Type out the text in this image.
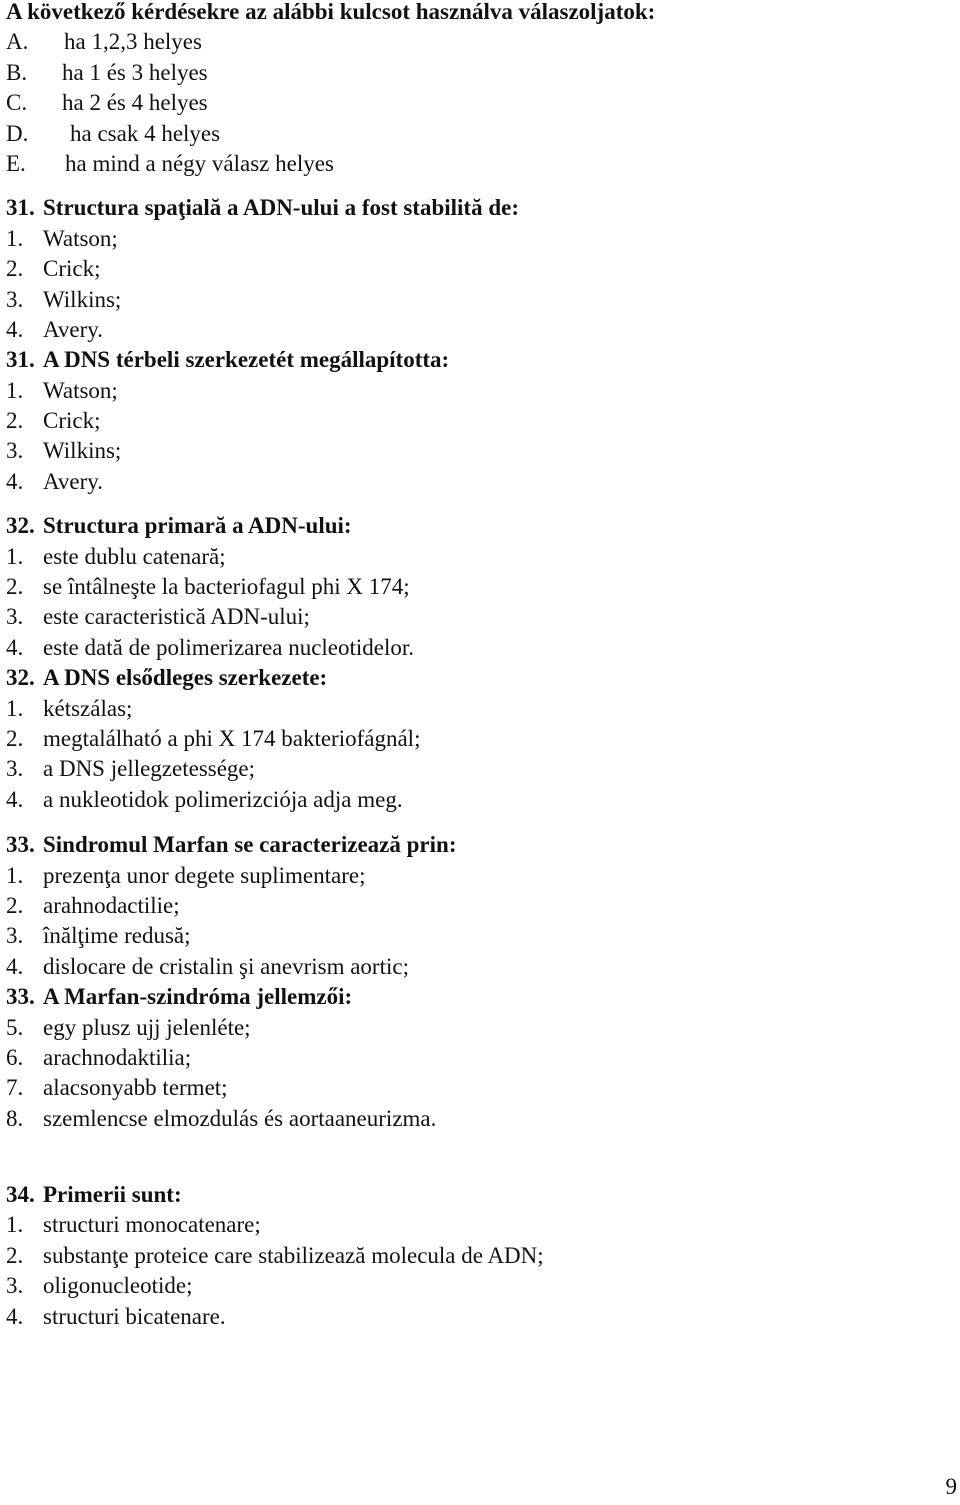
A következő kérdésekre az alábbi kulcsot használva válaszoljatok:
A. ha 1,2,3 helyes
B. ha 1 és 3 helyes
C. ha 2 és 4 helyes
D. ha csak 4 helyes
E. ha mind a négy válasz helyes
31. Structura spaţială a ADN-ului a fost stabilită de:
1. Watson;
2. Crick;
3. Wilkins;
4. Avery.
31. A DNS térbeli szerkezetét megállapította:
1. Watson;
2. Crick;
3. Wilkins;
4. Avery.
32. Structura primară a ADN-ului:
1. este dublu catenară;
2. se întâlneşte la bacteriofagul phi X 174;
3. este caracteristică ADN-ului;
4. este dată de polimerizarea nucleotidelor.
32. A DNS elsődleges szerkezete:
1. kétszálas;
2. megtalálható a phi X 174 bakteriofágnál;
3. a DNS jellegzetessége;
4. a nukleotidok polimerizciója adja meg.
33. Sindromul Marfan se caracterizează prin:
1. prezenţa unor degete suplimentare;
2. arahnodactilie;
3. înălţime redusă;
4. dislocare de cristalin şi anevrism aortic;
33. A Marfan-szindróma jellemzői:
5. egy plusz ujj jelenléte;
6. arachnodaktilia;
7. alacsonyabb termet;
8. szemlencse elmozdulás és aortaaneurizma.
34. Primerii sunt:
1. structuri monocatenare;
2. substanţe proteice care stabilizează molecula de ADN;
3. oligonucleotide;
4. structuri bicatenare.
9
